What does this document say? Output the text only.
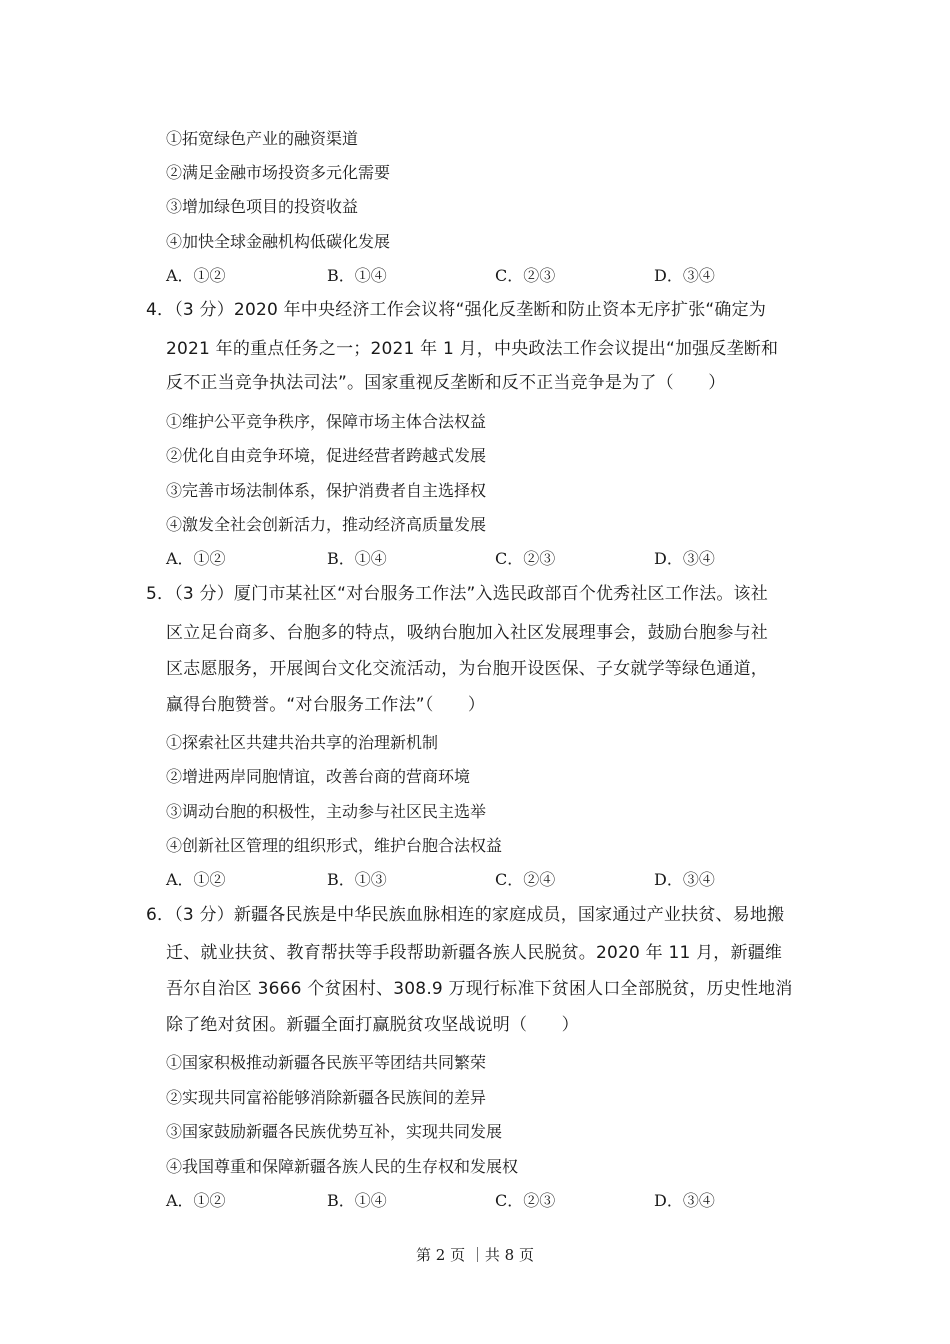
①拓宽绿色产业的融资渠道
②满足金融市场投资多元化需要
③增加绿色项目的投资收益
④加快全球金融机构低碳化发展
A．①②	B．①④	C．②③	D．③④
4．（3 分）2020 年中央经济工作会议将“强化反垄断和防止资本无序扩张“确定为
2021 年的重点任务之一；2021 年 1 月，中央政法工作会议提出“加强反垄断和
反不正当竞争执法司法”。国家重视反垄断和反不正当竞争是为了（　　）
①维护公平竞争秩序，保障市场主体合法权益
②优化自由竞争环境，促进经营者跨越式发展
③完善市场法制体系，保护消费者自主选择权
④激发全社会创新活力，推动经济高质量发展
A．①②	B．①④	C．②③	D．③④
5．（3 分）厦门市某社区“对台服务工作法”入选民政部百个优秀社区工作法。该社
区立足台商多、台胞多的特点，吸纳台胞加入社区发展理事会，鼓励台胞参与社
区志愿服务，开展闽台文化交流活动，为台胞开设医保、子女就学等绿色通道，
赢得台胞赞誉。“对台服务工作法”（　　）
①探索社区共建共治共享的治理新机制
②增进两岸同胞情谊，改善台商的营商环境
③调动台胞的积极性，主动参与社区民主选举
④创新社区管理的组织形式，维护台胞合法权益
A．①②	B．①③	C．②④	D．③④
6．（3 分）新疆各民族是中华民族血脉相连的家庭成员，国家通过产业扶贫、易地搬
迁、就业扶贫、教育帮扶等手段帮助新疆各族人民脱贫。2020 年 11 月，新疆维
吾尔自治区 3666 个贫困村、308.9 万现行标准下贫困人口全部脱贫，历史性地消
除了绝对贫困。新疆全面打赢脱贫攻坚战说明（　　）
①国家积极推动新疆各民族平等团结共同繁荣
②实现共同富裕能够消除新疆各民族间的差异
③国家鼓励新疆各民族优势互补，实现共同发展
④我国尊重和保障新疆各族人民的生存权和发展权
A．①②	B．①④	C．②③	D．③④
第 2 页 ｜共 8 页
